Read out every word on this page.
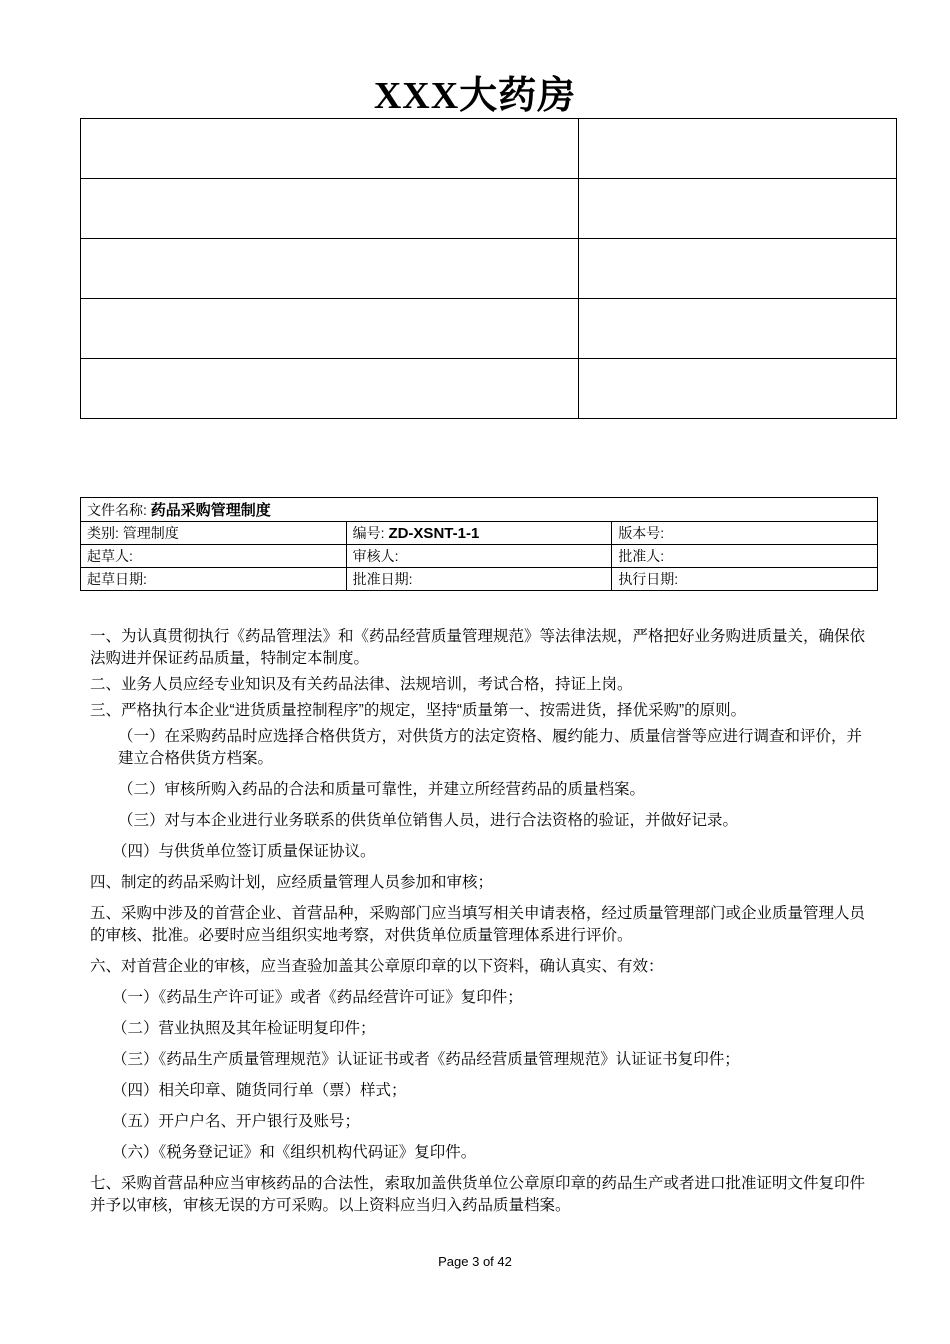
XXX大药房

文件名称: 药品采购管理制度		
类别: 管理制度	编号: ZD-XSNT-1-1	版本号:
起草人:	审核人:	批准人:
起草日期:	批准日期:	执行日期:
一、为认真贯彻执行《药品管理法》和《药品经营质量管理规范》等法律法规，严格把好业务购进质量关，确保依法购进并保证药品质量，特制定本制度。
二、业务人员应经专业知识及有关药品法律、法规培训，考试合格，持证上岗。
三、严格执行本企业“进货质量控制程序”的规定，坚持“质量第一、按需进货，择优采购”的原则。
（一）在采购药品时应选择合格供货方，对供货方的法定资格、履约能力、质量信誉等应进行调查和评价，并建立合格供货方档案。
（二）审核所购入药品的合法和质量可靠性，并建立所经营药品的质量档案。
（三）对与本企业进行业务联系的供货单位销售人员，进行合法资格的验证，并做好记录。
（四）与供货单位签订质量保证协议。
四、制定的药品采购计划，应经质量管理人员参加和审核；
五、采购中涉及的首营企业、首营品种，采购部门应当填写相关申请表格，经过质量管理部门或企业质量管理人员的审核、批准。必要时应当组织实地考察，对供货单位质量管理体系进行评价。
六、对首营企业的审核，应当查验加盖其公章原印章的以下资料，确认真实、有效：
（一）《药品生产许可证》或者《药品经营许可证》复印件；
（二）营业执照及其年检证明复印件；
（三）《药品生产质量管理规范》认证证书或者《药品经营质量管理规范》认证证书复印件；
（四）相关印章、随货同行单（票）样式；
（五）开户户名、开户银行及账号；
（六）《税务登记证》和《组织机构代码证》复印件。
七、采购首营品种应当审核药品的合法性，索取加盖供货单位公章原印章的药品生产或者进口批准证明文件复印件并予以审核，审核无误的方可采购。以上资料应当归入药品质量档案。
Page 3 of 42
